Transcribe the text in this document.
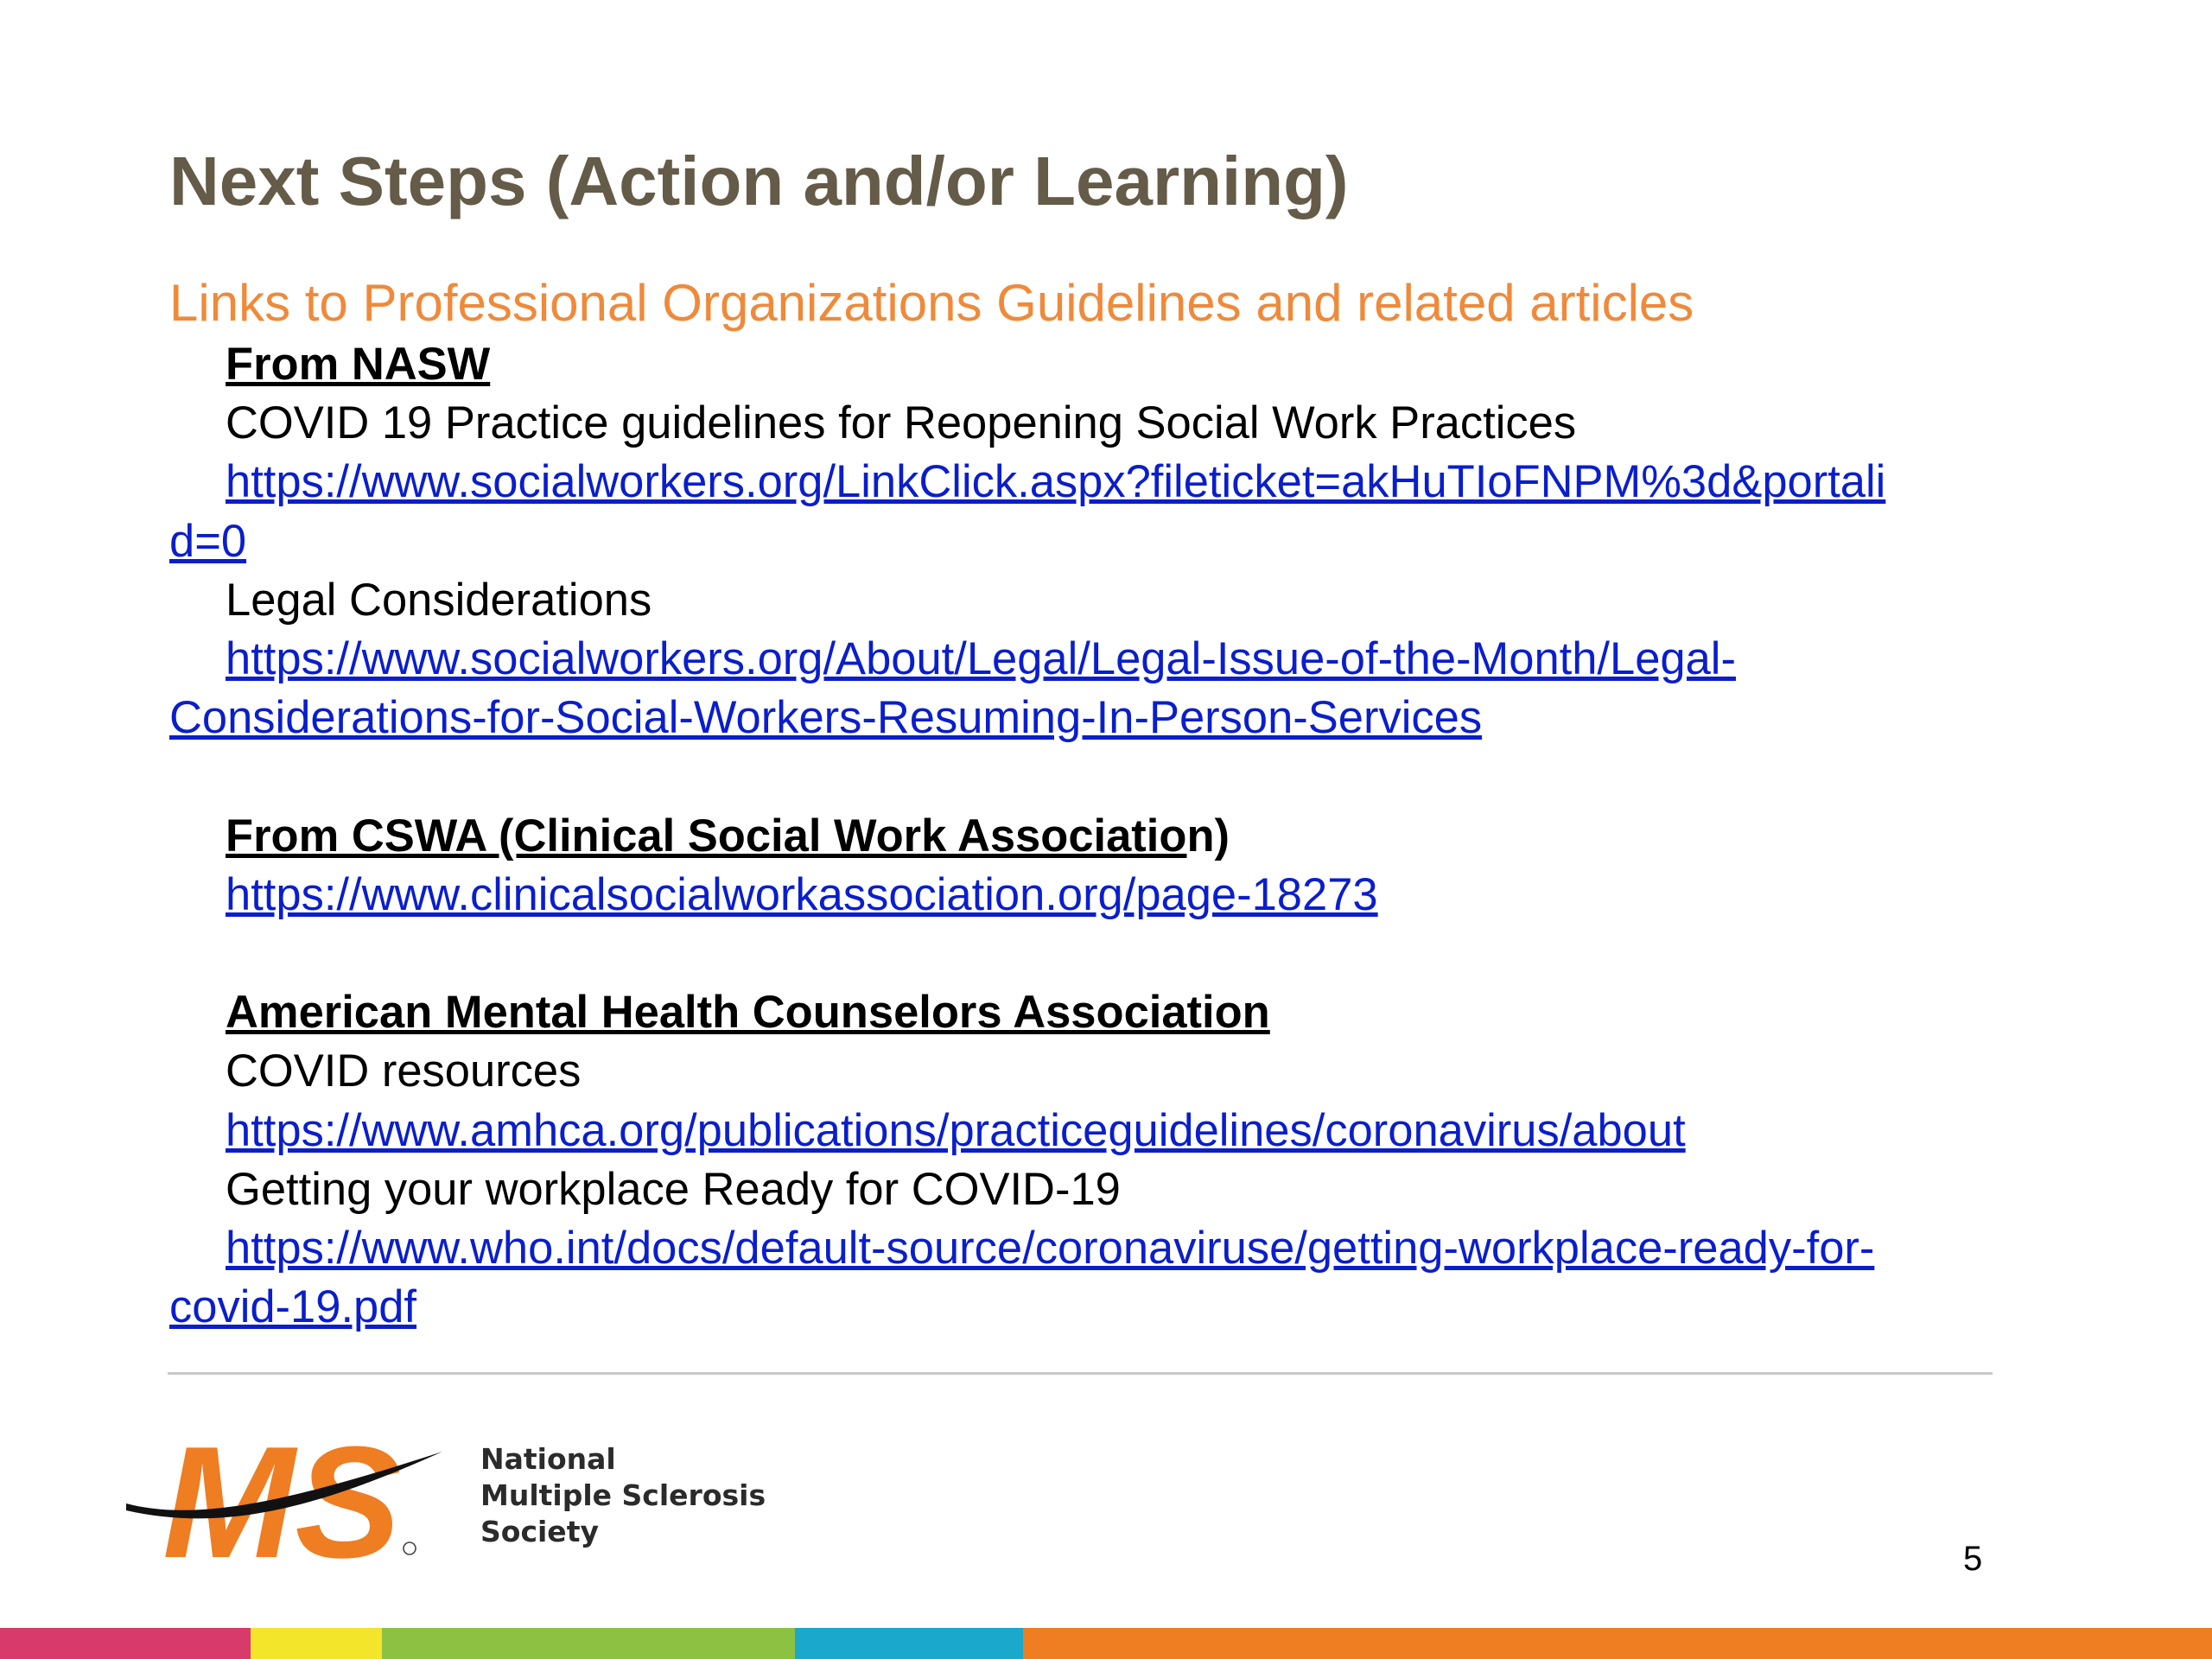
Next Steps (Action and/or Learning)
Links to Professional Organizations Guidelines and related articles
From NASW
COVID 19 Practice guidelines for Reopening Social Work Practices
https://www.socialworkers.org/LinkClick.aspx?fileticket=akHuTIoFNPM%3d&portali
d=0
Legal Considerations
https://www.socialworkers.org/About/Legal/Legal-Issue-of-the-Month/Legal-
Considerations-for-Social-Workers-Resuming-In-Person-Services
From CSWA (Clinical Social Work Association)
https://www.clinicalsocialworkassociation.org/page-18273
American Mental Health Counselors Association
COVID resources
https://www.amhca.org/publications/practiceguidelines/coronavirus/about
Getting your workplace Ready for COVID-19
https://www.who.int/docs/default-source/coronaviruse/getting-workplace-ready-for-
covid-19.pdf
MS	National
Multiple Sclerosis
Society
5
